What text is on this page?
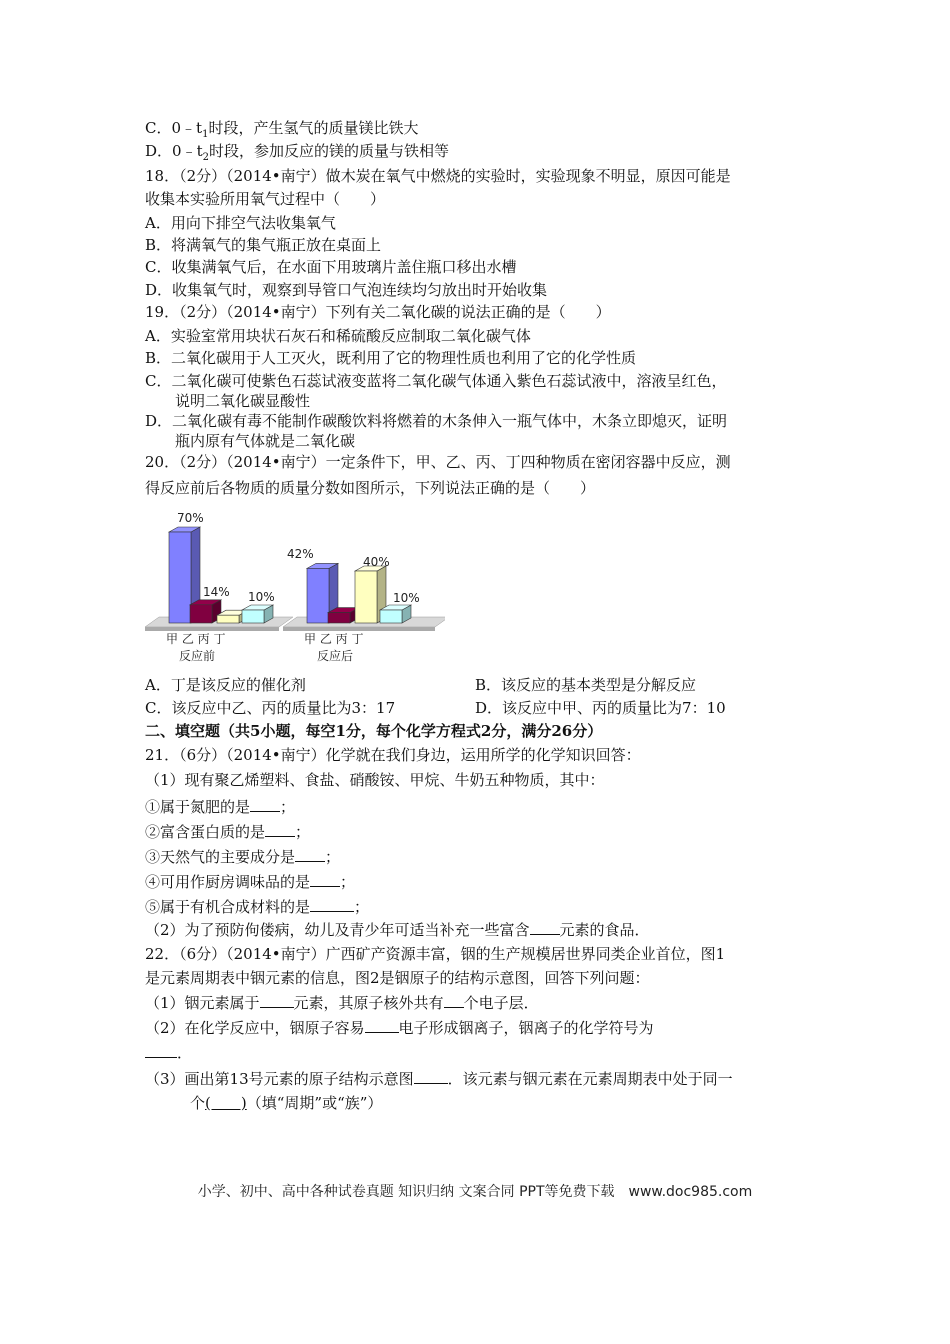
C．$0﹣t_1$时段，产生氢气的质量镁比铁大
D．$0﹣t_2$时段，参加反应的镁的质量与铁相等
18．（2分）（2014•南宁）做木炭在氧气中燃烧的实验时，实验现象不明显，原因可能是
收集本实验所用氧气过程中（　　）
A．用向下排空气法收集氧气
B．将满氧气的集气瓶正放在桌面上
C．收集满氧气后，在水面下用玻璃片盖住瓶口移出水槽
D．收集氧气时，观察到导管口气泡连续均匀放出时开始收集
19．（2分）（2014•南宁）下列有关二氧化碳的说法正确的是（　　）
A．实验室常用块状石灰石和稀硫酸反应制取二氧化碳气体
B．二氧化碳用于人工灭火，既利用了它的物理性质也利用了它的化学性质
C．二氧化碳可使紫色石蕊试液变蓝将二氧化碳气体通入紫色石蕊试液中，溶液呈红色，
说明二氧化碳显酸性
D．二氧化碳有毒不能制作碳酸饮料将燃着的木条伸入一瓶气体中，木条立即熄灭，证明
瓶内原有气体就是二氧化碳
20．（2分）（2014•南宁）一定条件下，甲、乙、丙、丁四种物质在密闭容器中反应，测
得反应前后各物质的质量分数如图所示，下列说法正确的是（　　）
甲 乙 丙 丁
反应前
甲 乙 丙 丁
反应后
70%
14% 10%
42%
40%
10%
A．丁是该反应的催化剂	B．该反应的基本类型是分解反应
C．该反应中乙、丙的质量比为3：17	D．该反应中甲、丙的质量比为7：10
二、填空题（共5小题，每空1分，每个化学方程式2分，满分26分）
21．（6分）（2014•南宁）化学就在我们身边，运用所学的化学知识回答：
（1）现有聚乙烯塑料、食盐、硝酸铵、甲烷、牛奶五种物质，其中：
①属于氮肥的是 ；
②富含蛋白质的是 ；
③天然气的主要成分是 ；
④可用作厨房调味品的是 ；
⑤属于有机合成材料的是	；
（2）为了预防佝偻病，幼儿及青少年可适当补充一些富含 元素的食品．
22．（6分）（2014•南宁）广西矿产资源丰富，铟的生产规模居世界同类企业首位，图1
是元素周期表中铟元素的信息，图2是铟原子的结构示意图，回答下列问题：
（1）铟元素属于 元素，其原子核外共有 个电子层．
（2）在化学反应中，铟原子容易 电子形成铟离子，铟离子的化学符号为
．
（3）画出第13号元素的原子结构示意图 ．该元素与铟元素在元素周期表中处于同一
个(　　)（填“周期”或“族”）
小学、初中、高中各种试卷真题 知识归纳 文案合同 PPT等免费下载　www.doc985.com
